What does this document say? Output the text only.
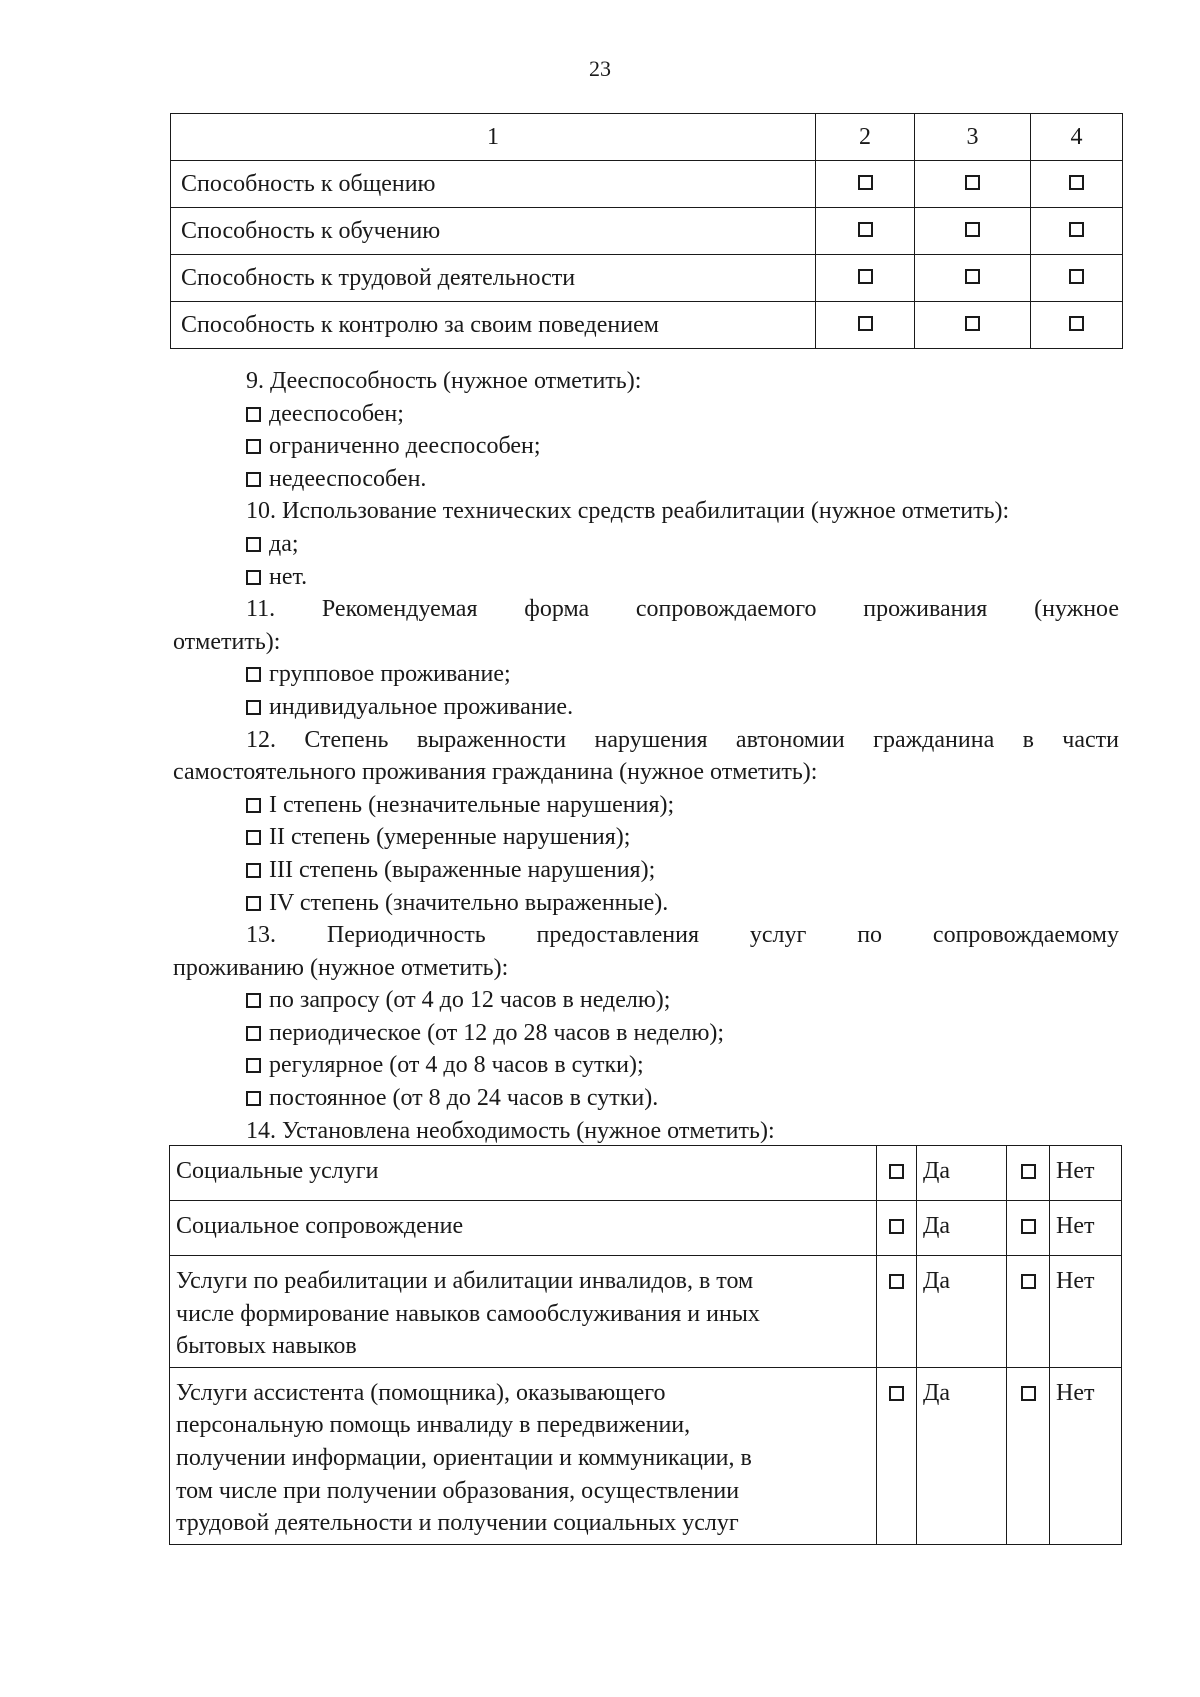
23
1	2	3	4
Способность к общению			
Способность к обучению			
Способность к трудовой деятельности			
Способность к контролю за своим поведением			
9. Дееспособность (нужное отметить):
дееспособен;
ограниченно дееспособен;
недееспособен.
10. Использование технических средств реабилитации (нужное отметить):
да;
нет.
11. Рекомендуемая форма сопровождаемого проживания (нужное
отметить):
групповое проживание;
индивидуальное проживание.
12. Степень выраженности нарушения автономии гражданина в части
самостоятельного проживания гражданина (нужное отметить):
I степень (незначительные нарушения);
II степень (умеренные нарушения);
III степень (выраженные нарушения);
IV степень (значительно выраженные).
13. Периодичность предоставления услуг по сопровождаемому
проживанию (нужное отметить):
по запросу (от 4 до 12 часов в неделю);
периодическое (от 12 до 28 часов в неделю);
регулярное (от 4 до 8 часов в сутки);
постоянное (от 8 до 24 часов в сутки).
14. Установлена необходимость (нужное отметить):
Социальные услуги		Да		Нет

Социальное сопровождение		Да		Нет

Услуги по реабилитации и абилитации инвалидов, в том
числе формирование навыков самообслуживания и иных
бытовых навыков		Да		Нет

Услуги ассистента (помощника), оказывающего
персональную помощь инвалиду в передвижении,
получении информации, ориентации и коммуникации, в
том числе при получении образования, осуществлении
трудовой деятельности и получении социальных услуг		Да		Нет
